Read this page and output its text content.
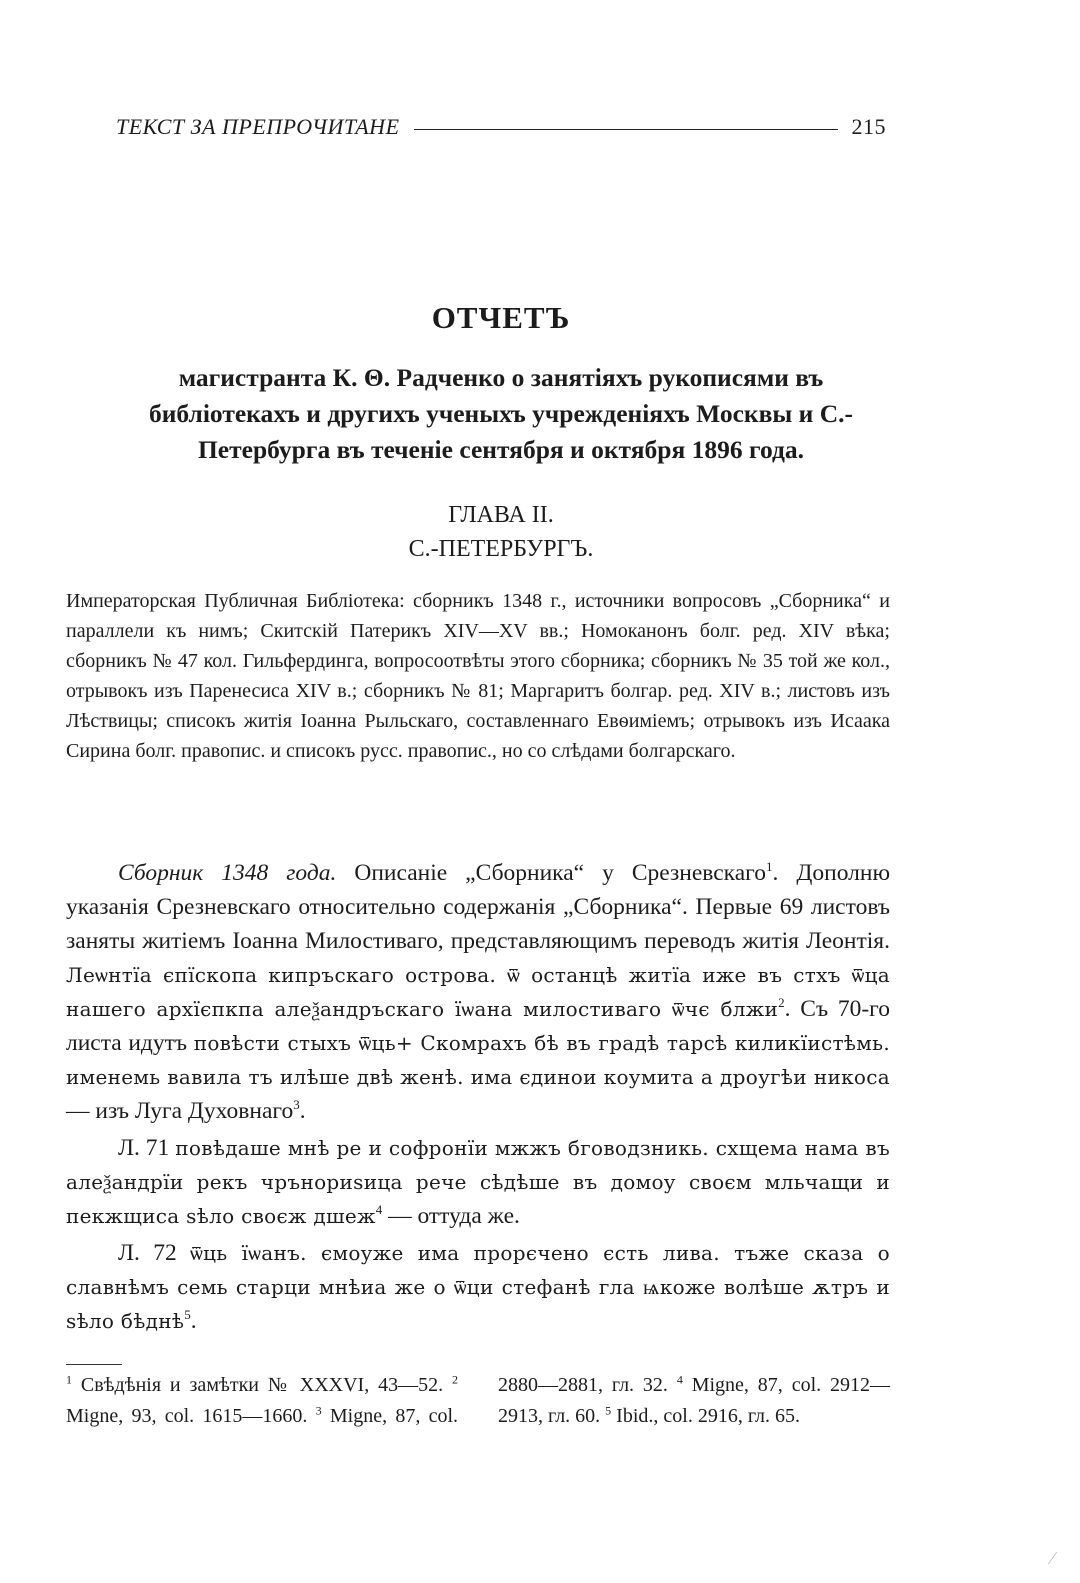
ТЕКСТ ЗА ПРЕПРОЧИТАНЕ	215
ОТЧЕТЪ
магистранта К. Θ. Радченко о занятіяхъ рукописями въ библіотекахъ и другихъ ученыхъ учрежденіяхъ Москвы и С.-Петербурга въ теченіе сентября и октября 1896 года.
ГЛАВА II.
С.-ПЕТЕРБУРГЪ.
Императорская Публичная Библіотека: сборникъ 1348 г., источники вопросовъ „Сборника“ и параллели къ нимъ; Скитскій Патерикъ XIV—XV вв.; Номоканонъ болг. ред. XIV вѣка; сборникъ № 47 кол. Гильфердинга, вопросоотвѣты этого сборника; сборникъ № 35 той же кол., отрывокъ изъ Паренесиса XIV в.; сборникъ № 81; Маргаритъ болгар. ред. XIV в.; листовъ изъ Лѣствицы; списокъ житія Іоанна Рыльскаго, составленнаго Евѳиміемъ; отрывокъ изъ Исаака Сирина болг. правопис. и списокъ русс. правопис., но со слѣдами болгарскаго.

Сборник 1348 года. Описаніе „Сборника“ у Срезневскаго$^1$. Дополню указанія Срезневскаго относительно содержанія „Сборника“. Первые 69 листовъ заняты житіемъ Іоанна Милостиваго, представляющимъ переводъ житія Леонтія. Леѡнтїа єпїскопа кипръскаго острова. ѿ останцѣ житїа иже въ стхъ ѿца нашего архїєпкпа алеѯандръскаго їѡана милостиваго ѿчє блжи$^2$. Съ 70-го листа идутъ повѣсти стыхъ ѿць+ Скомрахъ бѣ въ градѣ тарсѣ киликїистѣмь. именемь вавила тъ илѣше двѣ женѣ. има єдинои коумита а дроугѣи никоса — изъ Луга Духовнаго$^3$.

Л. 71 повѣдаше мнѣ ре и софронїи мжжъ бговодзникь. схщема нама въ алеѯандрїи рекъ чрънориѕица рече сѣдѣше въ домоу своєм мльчащи и пекжщиса ѕѣло своєж дшеж$^4$ — оттуда же.

Л. 72 ѿць їѡанъ. ємоуже има прорєчено єсть лива. тъже сказа о славнѣмъ семь старци мнѣиа же о ѿци стефанѣ гла ѩкоже волѣше ѫтръ и ѕѣло бѣднѣ$^5$.

$^1$ Свѣдѣнія и замѣтки № XXXVI, 43—52. $^2$ Migne, 93, col. 1615—1660. $^3$ Migne, 87, col. 2880—2881, гл. 32. $^4$ Migne, 87, col. 2912—2913, гл. 60. $^5$ Ibid., col. 2916, гл. 65.

⁄
